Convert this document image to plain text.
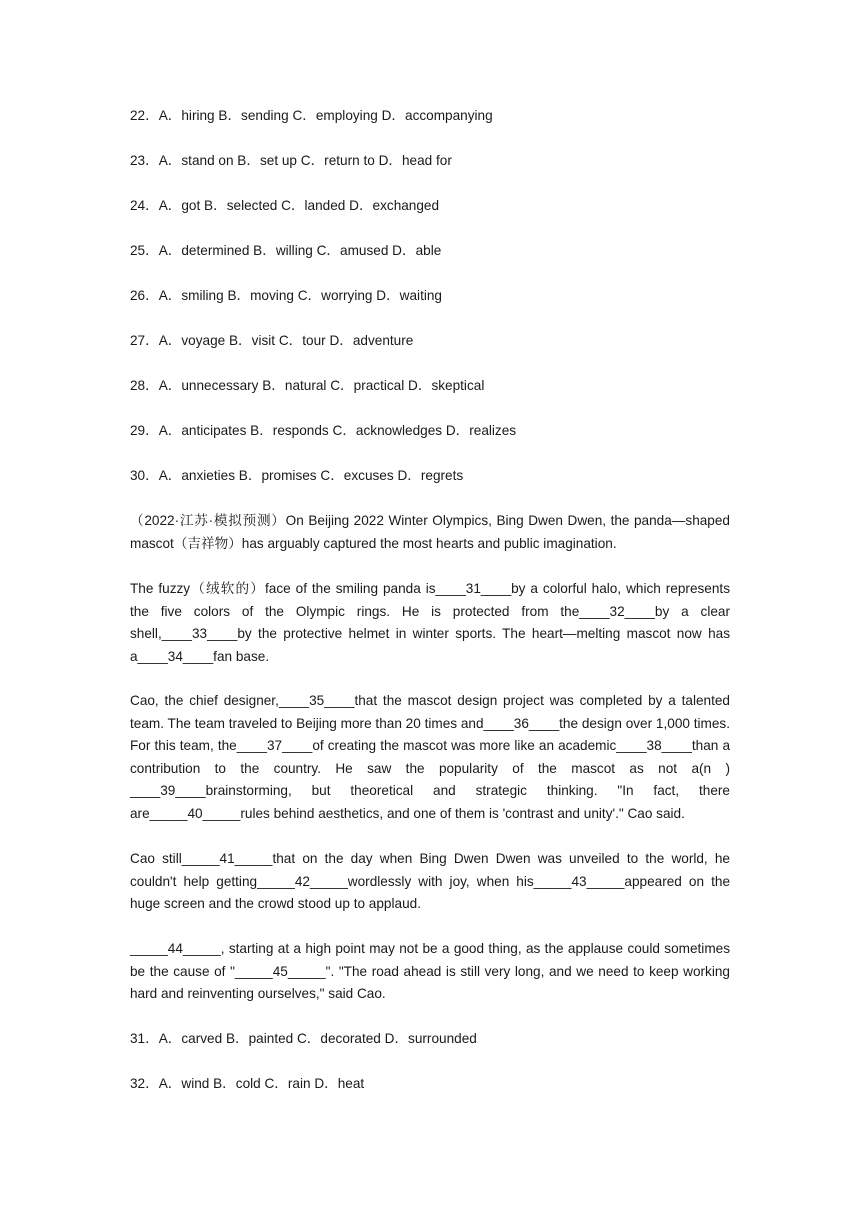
22．A．hiring B．sending C．employing D．accompanying
23．A．stand on B．set up C．return to D．head for
24．A．got B．selected C．landed D．exchanged
25．A．determined B．willing C．amused D．able
26．A．smiling B．moving C．worrying D．waiting
27．A．voyage B．visit C．tour D．adventure
28．A．unnecessary B．natural C．practical D．skeptical
29．A．anticipates B．responds C．acknowledges D．realizes
30．A．anxieties B．promises C．excuses D．regrets
（2022·江苏·模拟预测）On Beijing 2022 Winter Olympics, Bing Dwen Dwen, the panda—shaped mascot（吉祥物）has arguably captured the most hearts and public imagination.
The fuzzy（绒软的）face of the smiling panda is____31____by a colorful halo, which represents the five colors of the Olympic rings. He is protected from the____32____by a clear shell,____33____by the protective helmet in winter sports. The heart—melting mascot now has a____34____fan base.
Cao, the chief designer,____35____that the mascot design project was completed by a talented team. The team traveled to Beijing more than 20 times and____36____the design over 1,000 times. For this team, the____37____of creating the mascot was more like an academic____38____than a contribution to the country. He saw the popularity of the mascot as not a(n ) ____39____brainstorming, but theoretical and strategic thinking. "In fact, there are_____40_____rules behind aesthetics, and one of them is 'contrast and unity'." Cao said.
Cao still_____41_____that on the day when Bing Dwen Dwen was unveiled to the world, he couldn't help getting_____42_____wordlessly with joy, when his_____43_____appeared on the huge screen and the crowd stood up to applaud.
_____44_____, starting at a high point may not be a good thing, as the applause could sometimes be the cause of "_____45_____". "The road ahead is still very long, and we need to keep working hard and reinventing ourselves," said Cao.
31．A．carved B．painted C．decorated D．surrounded
32．A．wind B．cold C．rain D．heat
